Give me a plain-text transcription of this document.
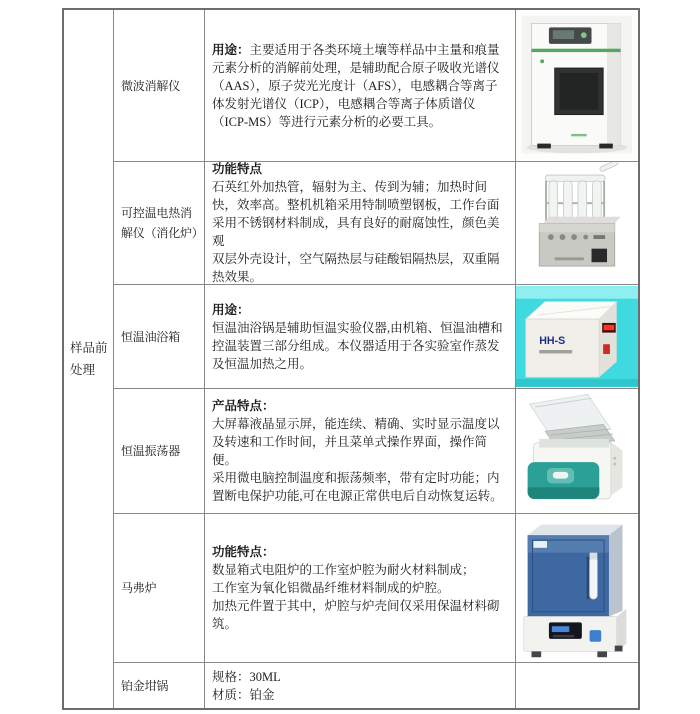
样品前
处理
微波消解仪

用途：主要适用于各类环境土壤等样品中主量和痕量元素分析的消解前处理，是辅助配合原子吸收光谱仪（AAS），原子荧光光度计（AFS），电感耦合等离子体发射光谱仪（ICP），电感耦合等离子体质谱仪（ICP-MS）等进行元素分析的必要工具。

可控温电热消解仪（消化炉）

功能特点

石英红外加热管，辐射为主、传到为辅；加热时间快，效率高。整机机箱采用特制喷塑钢板，工作台面采用不锈钢材料制成，具有良好的耐腐蚀性，颜色美观

双层外壳设计，空气隔热层与硅酸铝隔热层，双重隔热效果。

恒温油浴箱

用途：

恒温油浴锅是辅助恒温实验仪器,由机箱、恒温油槽和控温装置三部分组成。本仪器适用于各实验室作蒸发及恒温加热之用。

HH-S
恒温振荡器

产品特点：

大屏幕液晶显示屏，能连续、精确、实时显示温度以及转速和工作时间，并且菜单式操作界面，操作简便。

采用微电脑控制温度和振荡频率，带有定时功能；内置断电保护功能,可在电源正常供电后自动恢复运转。

马弗炉

功能特点：

数显箱式电阻炉的工作室炉腔为耐火材料制成；

工作室为氧化铝微晶纤维材料制成的炉腔。

加热元件置于其中，炉腔与炉壳间仅采用保温材料砌筑。

铂金坩锅

规格：30ML

材质：铂金
